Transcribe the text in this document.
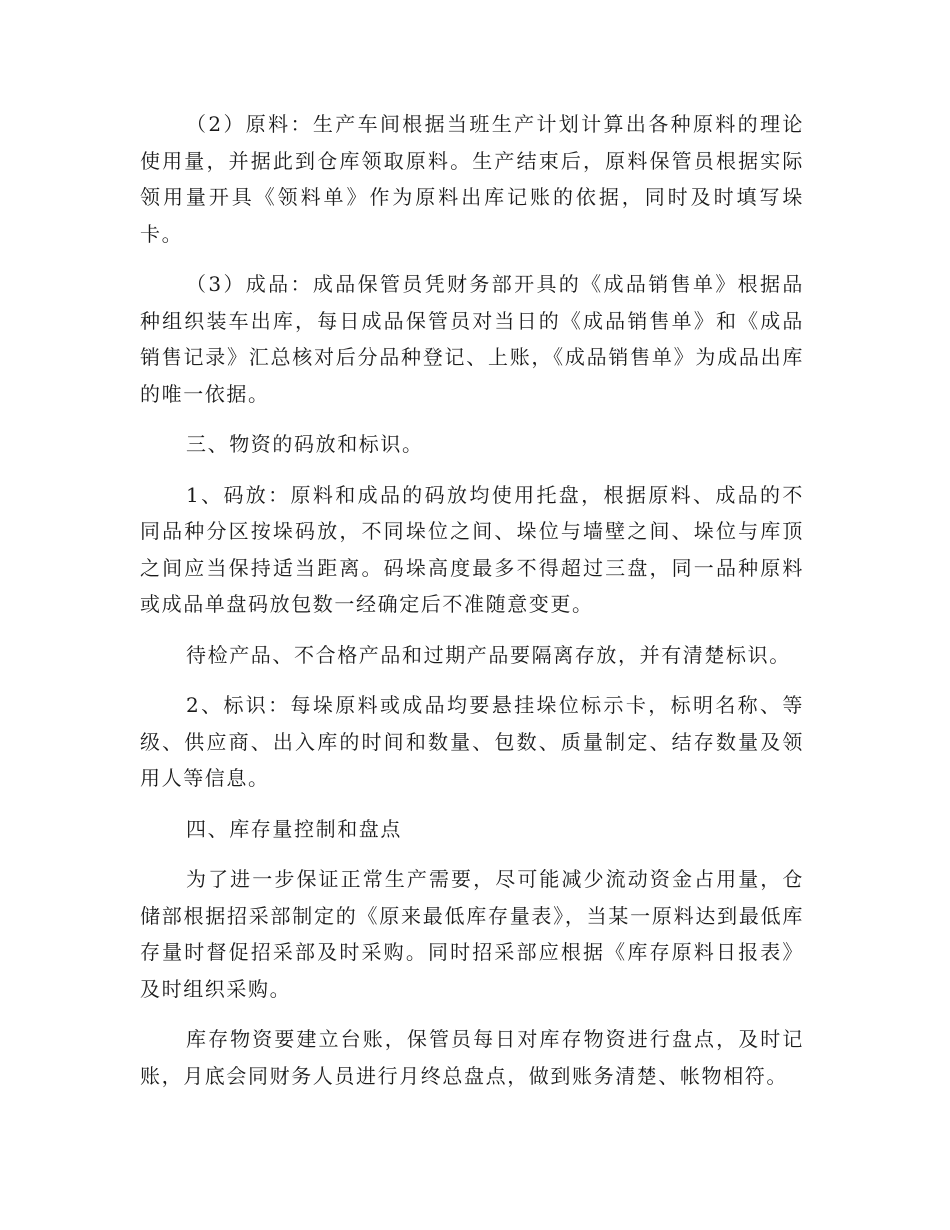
（2）原料：生产车间根据当班生产计划计算出各种原料的理论使用量，并据此到仓库领取原料。生产结束后，原料保管员根据实际领用量开具《领料单》作为原料出库记账的依据，同时及时填写垛卡。

（3）成品：成品保管员凭财务部开具的《成品销售单》根据品种组织装车出库，每日成品保管员对当日的《成品销售单》和《成品销售记录》汇总核对后分品种登记、上账，《成品销售单》为成品出库的唯一依据。

三、物资的码放和标识。

1、码放：原料和成品的码放均使用托盘，根据原料、成品的不同品种分区按垛码放，不同垛位之间、垛位与墙壁之间、垛位与库顶之间应当保持适当距离。码垛高度最多不得超过三盘，同一品种原料或成品单盘码放包数一经确定后不准随意变更。

待检产品、不合格产品和过期产品要隔离存放，并有清楚标识。

2、标识：每垛原料或成品均要悬挂垛位标示卡，标明名称、等级、供应商、出入库的时间和数量、包数、质量制定、结存数量及领用人等信息。

四、库存量控制和盘点

为了进一步保证正常生产需要，尽可能减少流动资金占用量，仓储部根据招采部制定的《原来最低库存量表》，当某一原料达到最低库存量时督促招采部及时采购。同时招采部应根据《库存原料日报表》及时组织采购。

库存物资要建立台账，保管员每日对库存物资进行盘点，及时记账，月底会同财务人员进行月终总盘点，做到账务清楚、帐物相符。
